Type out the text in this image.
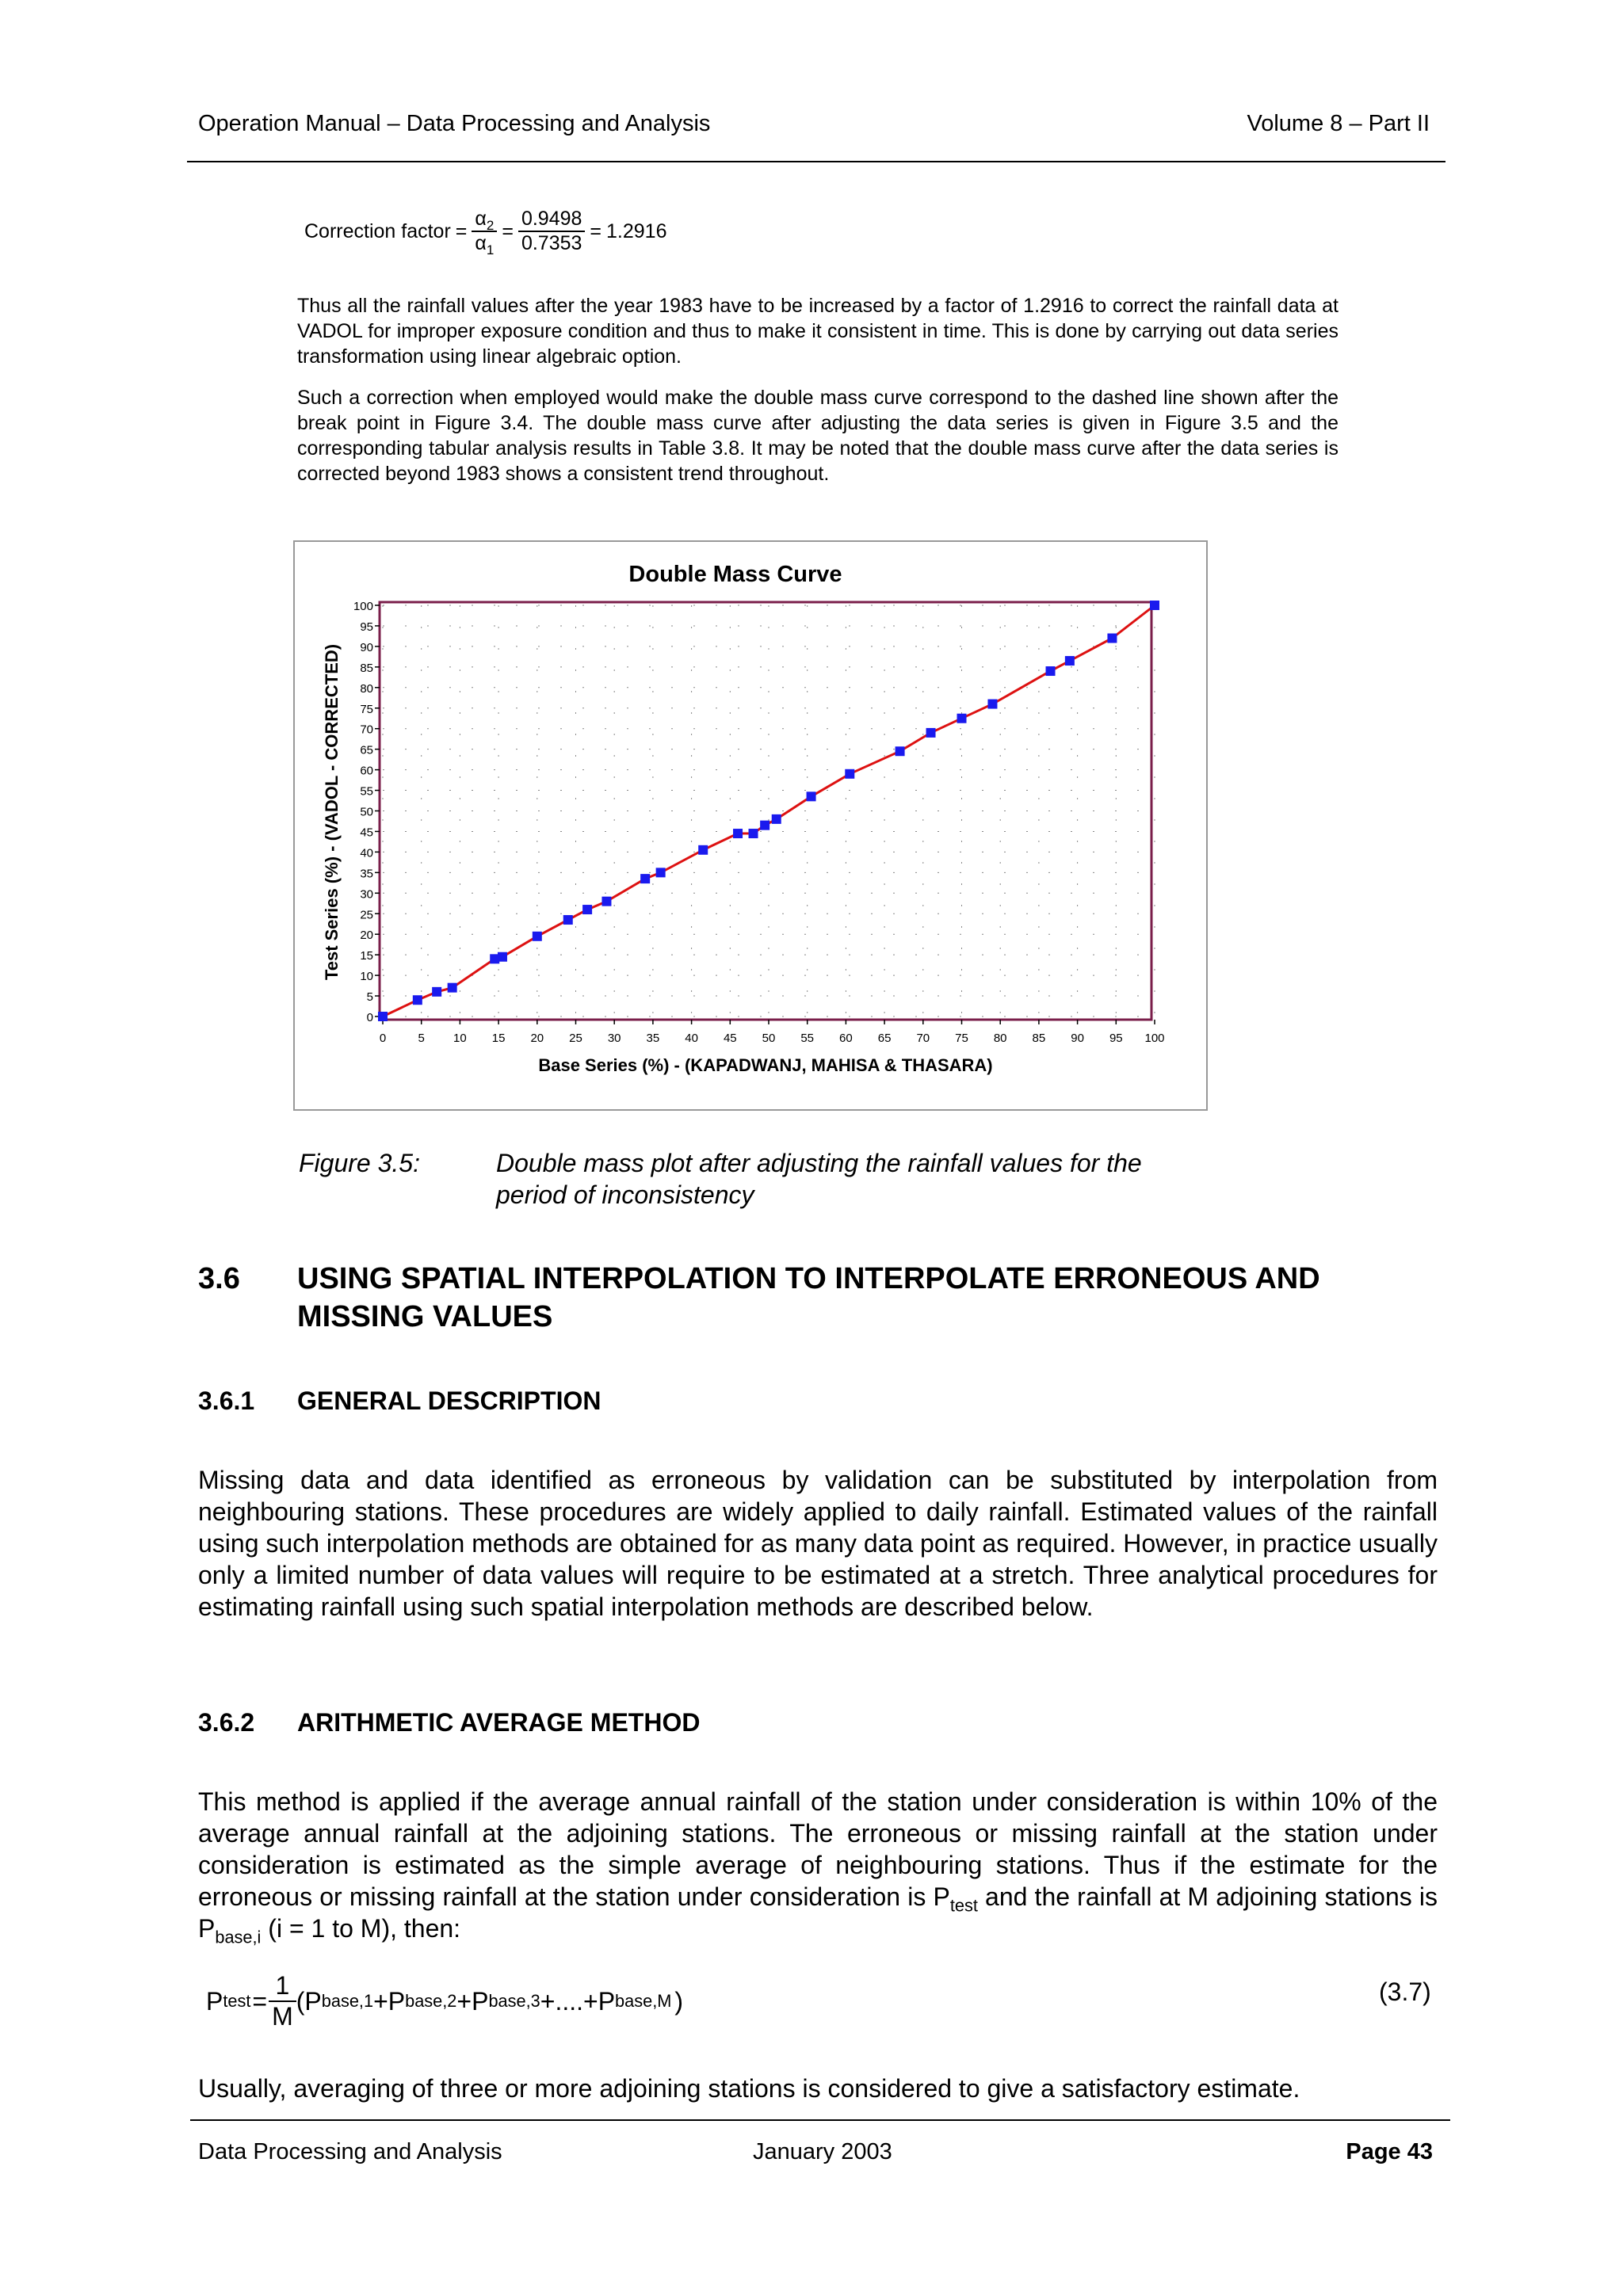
Operation Manual – Data Processing and Analysis	Volume 8 – Part II
Correction factor = $\frac{\alpha_2}{\alpha_1} = \frac{0.9498}{0.7353} = 1.2916$
Thus all the rainfall values after the year 1983 have to be increased by a factor of 1.2916 to correct the rainfall data at VADOL for improper exposure condition and thus to make it consistent in time. This is done by carrying out data series transformation using linear algebraic option.
Such a correction when employed would make the double mass curve correspond to the dashed line shown after the break point in Figure 3.4. The double mass curve after adjusting the data series is given in Figure 3.5 and the corresponding tabular analysis results in Table 3.8. It may be noted that the double mass curve after the data series is corrected beyond 1983 shows a consistent trend throughout.
Double Mass Curve
0
5
10
15
20
25
30
35
40
45
50
55
60
65
70
75
80
85
90
95
100
0	5 10 15 20 25 30 35 40 45 50 55 60 65 70 75 80 85 90 95 100
Base Series (%) - (KAPADWANJ, MAHISA & THASARA)
Test Series (%) - (VADOL - CORRECTED)
Figure 3.5:	Double mass plot after adjusting the rainfall values for the
period of inconsistency
3.6 USING SPATIAL INTERPOLATION TO INTERPOLATE ERRONEOUS AND
MISSING VALUES
3.6.1 GENERAL DESCRIPTION
Missing data and data identified as erroneous by validation can be substituted by interpolation from neighbouring stations. These procedures are widely applied to daily rainfall. Estimated values of the rainfall using such interpolation methods are obtained for as many data point as required. However, in practice usually only a limited number of data values will require to be estimated at a stretch. Three analytical procedures for estimating rainfall using such spatial interpolation methods are described below.
3.6.2 ARITHMETIC AVERAGE METHOD
This method is applied if the average annual rainfall of the station under consideration is within 10% of the average annual rainfall at the adjoining stations. The erroneous or missing rainfall at the station under consideration is estimated as the simple average of neighbouring stations. Thus if the estimate for the erroneous or missing rainfall at the station under consideration is $P_{test}$ and the rainfall at M adjoining stations is $P_{base,i}$ (i = 1 to M), then:
P test = $\frac{1}{M}$ ( P base,1 + P base,2 + P base,3 +....+ P base,M )	(3.7)
Usually, averaging of three or more adjoining stations is considered to give a satisfactory estimate.
Data Processing and Analysis	January 2003	Page 43
